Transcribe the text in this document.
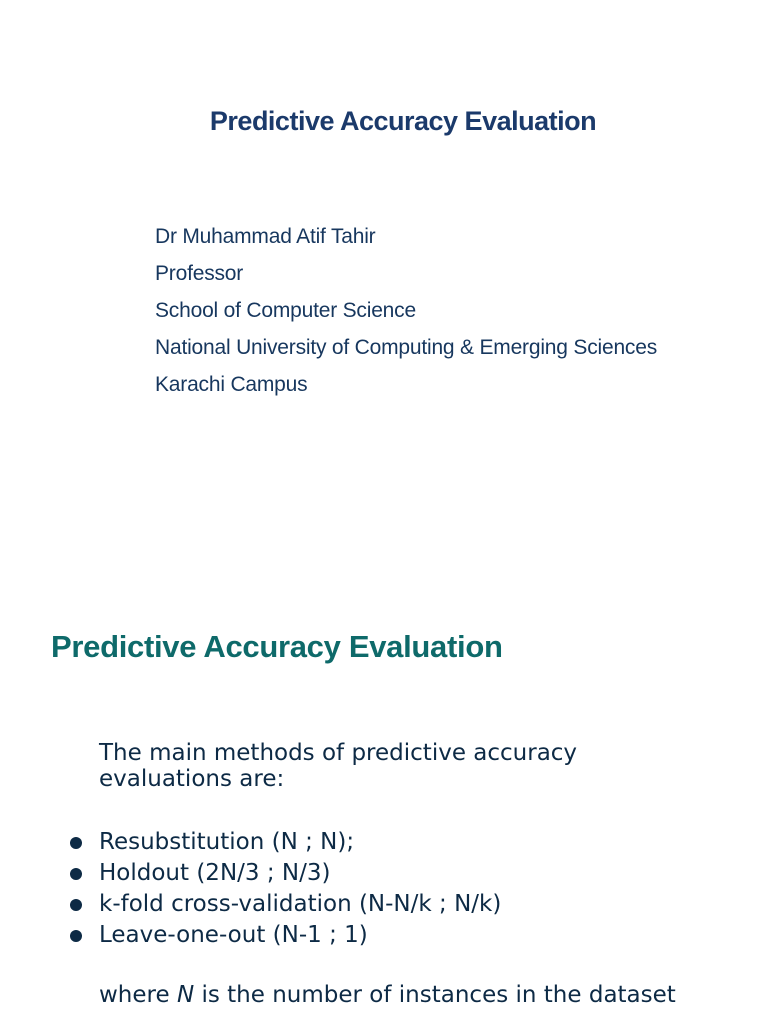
Predictive Accuracy Evaluation
Dr Muhammad Atif Tahir
Professor
School of Computer Science
National University of Computing & Emerging Sciences
Karachi Campus
Predictive Accuracy Evaluation
The main methods of predictive accuracy evaluations are:
Resubstitution (N ; N);
Holdout (2N/3 ; N/3)
k-fold cross-validation (N-N/k ; N/k)
Leave-one-out (N-1 ; 1)
where N is the number of instances in the dataset
